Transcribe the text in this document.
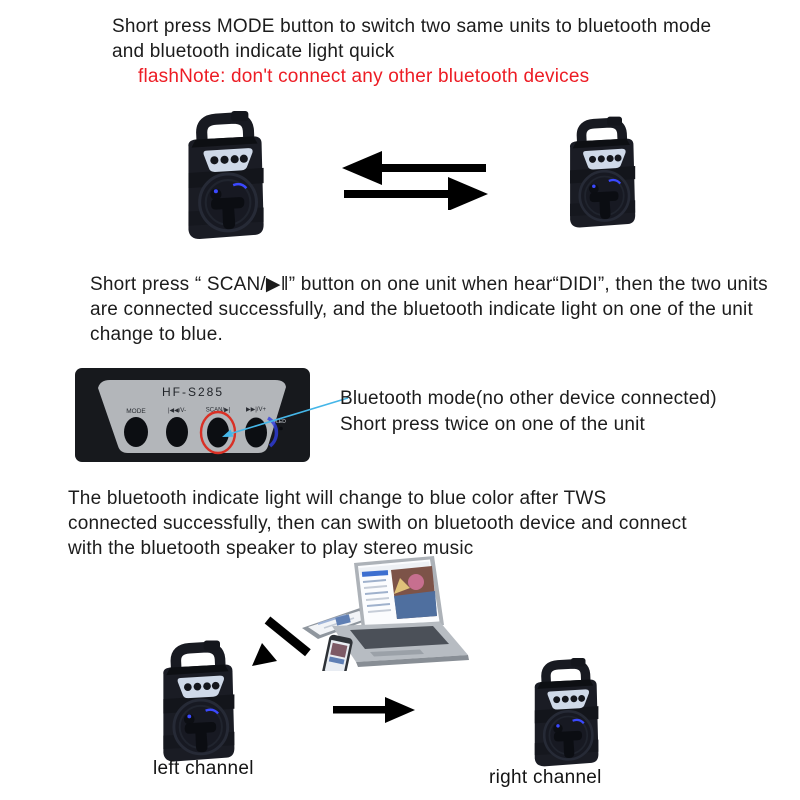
Short press MODE button to switch two same units to bluetooth mode
and bluetooth indicate light quick
flashNote: don't connect any other bluetooth devices
Short press “ SCAN/▶‖” button on one unit when hear“DIDI”, then the two units
are connected successfully, and the bluetooth indicate light on one of the unit
change to blue.
HF-S285
MODE	|◀◀/V-	SCAN/▶|	▶▶|/V+
LED
Bluetooth mode(no other device connected)
Short press twice on one of the unit
The bluetooth indicate light will change to blue color after TWS
connected successfully, then can swith on bluetooth device and connect
with the bluetooth speaker to play stereo music
left channel	right channel
